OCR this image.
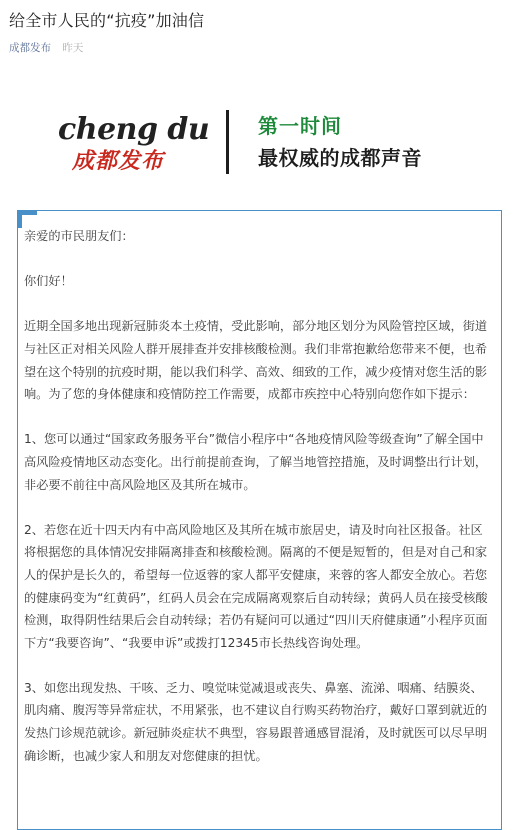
给全市人民的“抗疫”加油信
成都发布 昨天
cheng du
成都发布
第一时间
最权威的成都声音

亲爱的市民朋友们：

你们好！

近期全国多地出现新冠肺炎本土疫情，受此影响，部分地区划分为风险管控区域，街道与社区正对相关风险人群开展排查并安排核酸检测。我们非常抱歉给您带来不便，也希望在这个特别的抗疫时期，能以我们科学、高效、细致的工作，减少疫情对您生活的影响。为了您的身体健康和疫情防控工作需要，成都市疾控中心特别向您作如下提示：

1、您可以通过“国家政务服务平台”微信小程序中“各地疫情风险等级查询”了解全国中高风险疫情地区动态变化。出行前提前查询，了解当地管控措施，及时调整出行计划，非必要不前往中高风险地区及其所在城市。

2、若您在近十四天内有中高风险地区及其所在城市旅居史，请及时向社区报备。社区将根据您的具体情况安排隔离排查和核酸检测。隔离的不便是短暂的，但是对自己和家人的保护是长久的，希望每一位返蓉的家人都平安健康，来蓉的客人都安全放心。若您的健康码变为“红黄码”，红码人员会在完成隔离观察后自动转绿；黄码人员在接受核酸检测，取得阴性结果后会自动转绿；若仍有疑问可以通过“四川天府健康通”小程序页面下方“我要咨询”、“我要申诉”或拨打12345市长热线咨询处理。

3、如您出现发热、干咳、乏力、嗅觉味觉减退或丧失、鼻塞、流涕、咽痛、结膜炎、肌肉痛、腹泻等异常症状，不用紧张，也不建议自行购买药物治疗，戴好口罩到就近的发热门诊规范就诊。新冠肺炎症状不典型，容易跟普通感冒混淆，及时就医可以尽早明确诊断，也减少家人和朋友对您健康的担忧。
